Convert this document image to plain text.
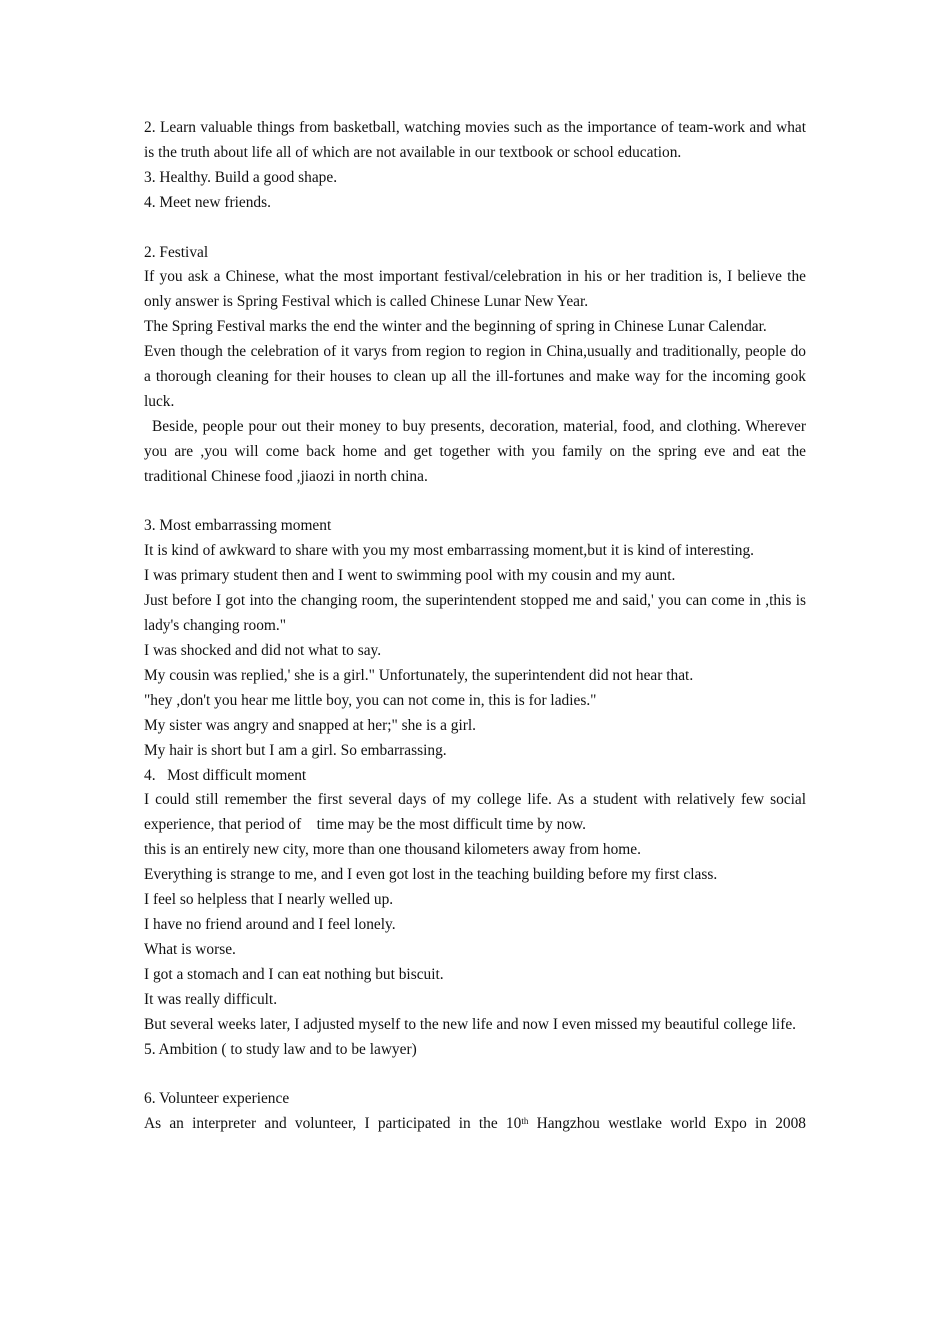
2. Learn valuable things from basketball, watching movies such as the importance of team-work and what is the truth about life all of which are not available in our textbook or school education.

3. Healthy. Build a good shape.

4. Meet new friends.

2. Festival

If you ask a Chinese, what the most important festival/celebration in his or her tradition is, I believe the only answer is Spring Festival which is called Chinese Lunar New Year.

The Spring Festival marks the end the winter and the beginning of spring in Chinese Lunar Calendar.

Even though the celebration of it varys from region to region in China,usually and traditionally, people do a thorough cleaning for their houses to clean up all the ill-fortunes and make way for the incoming gook luck.

Beside, people pour out their money to buy presents, decoration, material, food, and clothing. Wherever you are ,you will come back home and get together with you family on the spring eve and eat the traditional Chinese food ,jiaozi in north china.

3. Most embarrassing moment

It is kind of awkward to share with you my most embarrassing moment,but it is kind of interesting.

I was primary student then and I went to swimming pool with my cousin and my aunt.

Just before I got into the changing room, the superintendent stopped me and said,' you can come in ,this is lady's changing room."

I was shocked and did not what to say.

My cousin was replied,' she is a girl." Unfortunately, the superintendent did not hear that.

"hey ,don't you hear me little boy, you can not come in, this is for ladies."

My sister was angry and snapped at her;" she is a girl.

My hair is short but I am a girl. So embarrassing.

4.   Most difficult moment

I could still remember the first several days of my college life. As a student with relatively few social experience, that period of    time may be the most difficult time by now.

this is an entirely new city, more than one thousand kilometers away from home.

Everything is strange to me, and I even got lost in the teaching building before my first class.

I feel so helpless that I nearly welled up.

I have no friend around and I feel lonely.

What is worse.

I got a stomach and I can eat nothing but biscuit.

It was really difficult.

But several weeks later, I adjusted myself to the new life and now I even missed my beautiful college life.

5. Ambition ( to study law and to be lawyer)

6. Volunteer experience

As an interpreter and volunteer, I participated in the 10th Hangzhou westlake world Expo in 2008
